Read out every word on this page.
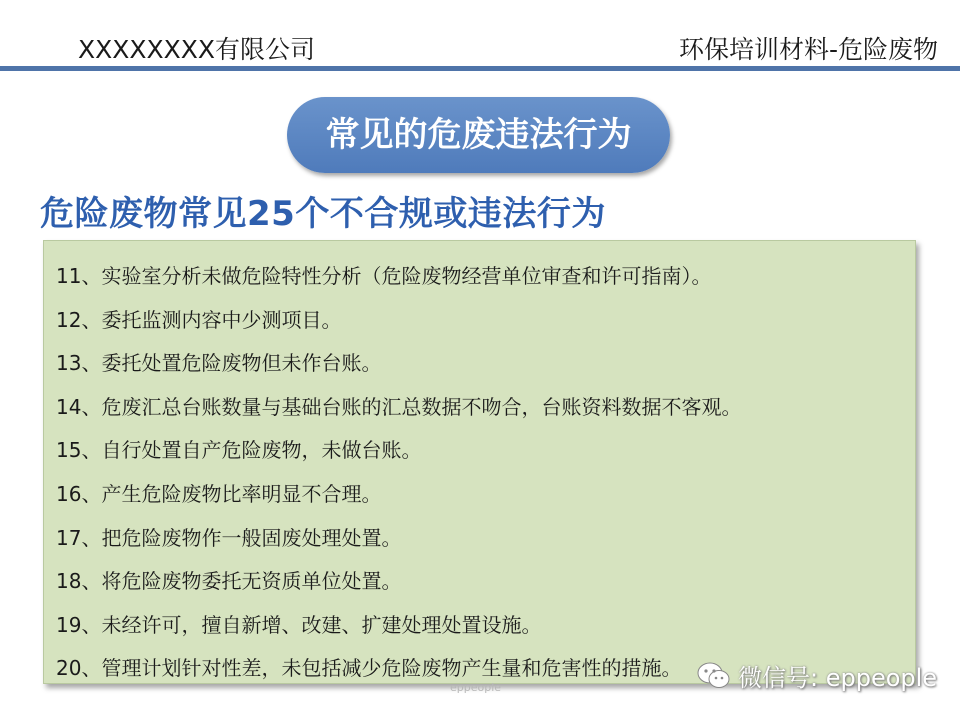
XXXXXXXX有限公司	环保培训材料-危险废物
常见的危废违法行为
危险废物常见25个不合规或违法行为
11、实验室分析未做危险特性分析（危险废物经营单位审查和许可指南）。
12、委托监测内容中少测项目。
13、委托处置危险废物但未作台账。
14、危废汇总台账数量与基础台账的汇总数据不吻合，台账资料数据不客观。
15、自行处置自产危险废物，未做台账。
16、产生危险废物比率明显不合理。
17、把危险废物作一般固废处理处置。
18、将危险废物委托无资质单位处置。
19、未经许可，擅自新增、改建、扩建处理处置设施。
20、管理计划针对性差，未包括减少危险废物产生量和危害性的措施。
eppeople	微信号: eppeople
